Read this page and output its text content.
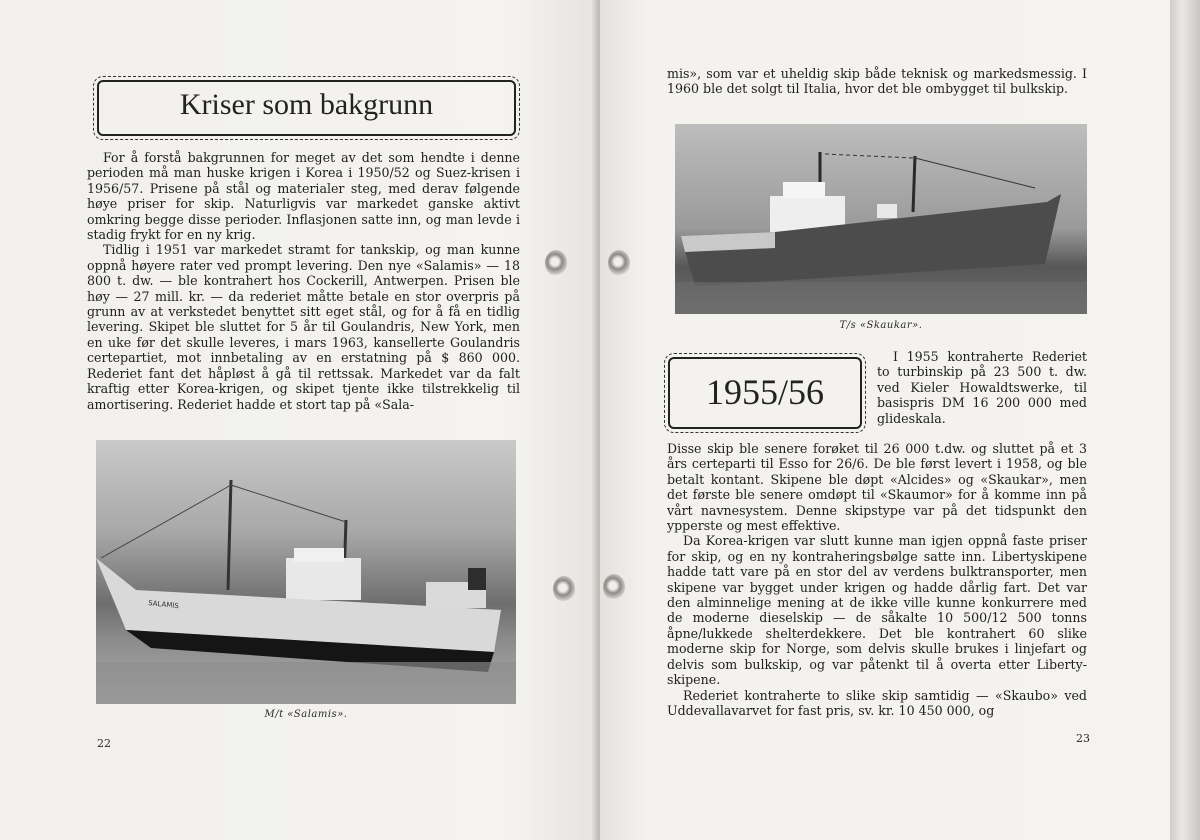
Kriser som bakgrunn

For å forstå bakgrunnen for meget av det som hendte i denne perioden må man huske krigen i Korea i 1950/52 og Suez-krisen i 1956/57. Prisene på stål og materialer steg, med derav følgende høye priser for skip. Naturligvis var markedet ganske aktivt omkring begge disse perioder. Inflasjonen satte inn, og man levde i stadig frykt for en ny krig.

Tidlig i 1951 var markedet stramt for tankskip, og man kunne oppnå høyere rater ved prompt levering. Den nye «Salamis» — 18 800 t. dw. — ble kontrahert hos Cockerill, Antwerpen. Prisen ble høy — 27 mill. kr. — da rederiet måtte betale en stor overpris på grunn av at verkstedet benyttet sitt eget stål, og for å få en tidlig levering. Skipet ble sluttet for 5 år til Goulandris, New York, men en uke før det skulle leveres, i mars 1963, kansellerte Goulandris certepartiet, mot innbetaling av en erstatning på $ 860 000. Rederiet fant det håpløst å gå til rettssak. Markedet var da falt kraftig etter Korea-krigen, og skipet tjente ikke tilstrekkelig til amortisering. Rederiet hadde et stort tap på «Sala-

SALAMIS
M/t «Salamis».
22

mis», som var et uheldig skip både teknisk og markedsmessig. I 1960 ble det solgt til Italia, hvor det ble ombygget til bulkskip.

T/s «Skaukar».
1955/56

I 1955 kontraherte Rederiet to turbinskip på 23 500 t. dw. ved Kieler Howaldtswerke, til basispris DM 16 200 000 med glideskala.

Disse skip ble senere forøket til 26 000 t.dw. og sluttet på et 3 års certeparti til Esso for 26/6. De ble først levert i 1958, og ble betalt kontant. Skipene ble døpt «Alcides» og «Skaukar», men det første ble senere omdøpt til «Skaumor» for å komme inn på vårt navnesystem. Denne skipstype var på det tidspunkt den ypperste og mest effektive.

Da Korea-krigen var slutt kunne man igjen oppnå faste priser for skip, og en ny kontraheringsbølge satte inn. Libertyskipene hadde tatt vare på en stor del av verdens bulktransporter, men skipene var bygget under krigen og hadde dårlig fart. Det var den alminnelige mening at de ikke ville kunne konkurrere med de moderne dieselskip — de såkalte 10 500/12 500 tonns åpne/lukkede shelterdekkere. Det ble kontrahert 60 slike moderne skip for Norge, som delvis skulle brukes i linjefart og delvis som bulkskip, og var påtenkt til å overta etter Liberty-skipene.

Rederiet kontraherte to slike skip samtidig — «Skaubo» ved Uddevallavarvet for fast pris, sv. kr. 10 450 000, og

23
